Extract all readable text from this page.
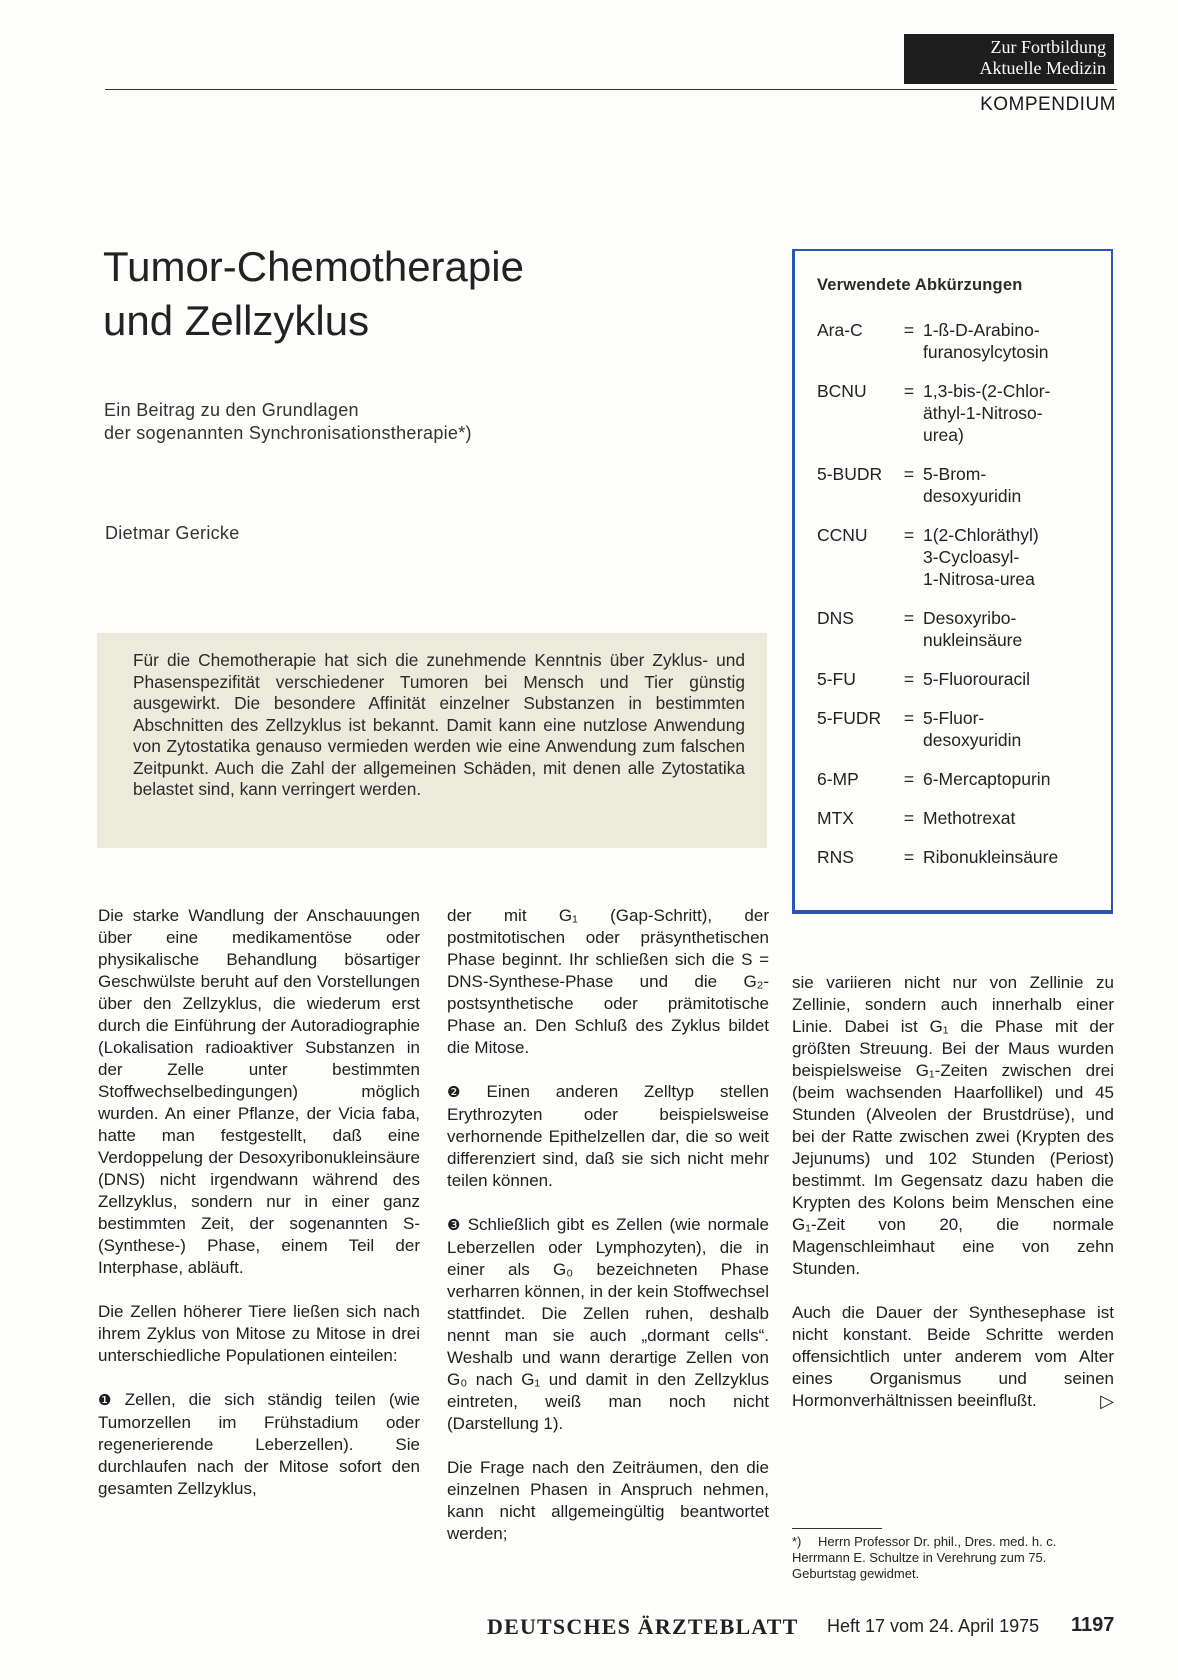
Zur Fortbildung
Aktuelle Medizin
KOMPENDIUM
Tumor-Chemotherapie
und Zellzyklus
Ein Beitrag zu den Grundlagen
der sogenannten Synchronisationstherapie*)
Dietmar Gericke

Für die Chemotherapie hat sich die zunehmende Kenntnis über Zyklus- und Phasenspezifität verschiedener Tumoren bei Mensch und Tier günstig ausgewirkt. Die besondere Affinität einzelner Substanzen in bestimmten Abschnitten des Zellzyklus ist bekannt. Damit kann eine nutzlose Anwendung von Zytostatika genauso vermieden werden wie eine Anwendung zum falschen Zeitpunkt. Auch die Zahl der allgemeinen Schäden, mit denen alle Zytostatika belastet sind, kann verringert werden.

Verwendete Abkürzungen
Ara-C	= 1-ß-D-Arabino-
furanosylcytosin
BCNU	= 1,3-bis-(2-Chlor-
äthyl-1-Nitroso-
urea)
5-BUDR	= 5-Brom-
desoxyuridin
CCNU	= 1(2-Chloräthyl)
3-Cycloasyl-
1-Nitrosa-urea
DNS	= Desoxyribo-
nukleinsäure
5-FU	= 5-Fluorouracil
5-FUDR	= 5-Fluor-
desoxyuridin
6-MP	= 6-Mercaptopurin
MTX	= Methotrexat
RNS	= Ribonukleinsäure

Die starke Wandlung der Anschauungen über eine medikamentöse oder physikalische Behandlung bösartiger Geschwülste beruht auf den Vorstellungen über den Zellzyklus, die wiederum erst durch die Einführung der Autoradiographie (Lokalisation radioaktiver Substanzen in der Zelle unter bestimmten Stoffwechselbedingungen) möglich wurden. An einer Pflanze, der Vicia faba, hatte man festgestellt, daß eine Verdoppelung der Desoxyribonukleinsäure (DNS) nicht irgendwann während des Zellzyklus, sondern nur in einer ganz bestimmten Zeit, der sogenannten S-(Synthese-) Phase, einem Teil der Interphase, abläuft.

Die Zellen höherer Tiere ließen sich nach ihrem Zyklus von Mitose zu Mitose in drei unterschiedliche Populationen einteilen:

❶ Zellen, die sich ständig teilen (wie Tumorzellen im Frühstadium oder regenerierende Leberzellen). Sie durchlaufen nach der Mitose sofort den gesamten Zellzyklus,

der mit G₁ (Gap-Schritt), der postmitotischen oder präsynthetischen Phase beginnt. Ihr schließen sich die S = DNS-Synthese-Phase und die G₂-postsynthetische oder prämitotische Phase an. Den Schluß des Zyklus bildet die Mitose.

❷ Einen anderen Zelltyp stellen Erythrozyten oder beispielsweise verhornende Epithelzellen dar, die so weit differenziert sind, daß sie sich nicht mehr teilen können.

❸ Schließlich gibt es Zellen (wie normale Leberzellen oder Lymphozyten), die in einer als G₀ bezeichneten Phase verharren können, in der kein Stoffwechsel stattfindet. Die Zellen ruhen, deshalb nennt man sie auch „dormant cells“. Weshalb und wann derartige Zellen von G₀ nach G₁ und damit in den Zellzyklus eintreten, weiß man noch nicht (Darstellung 1).

Die Frage nach den Zeiträumen, den die einzelnen Phasen in Anspruch nehmen, kann nicht allgemeingültig beantwortet werden;

sie variieren nicht nur von Zellinie zu Zellinie, sondern auch innerhalb einer Linie. Dabei ist G₁ die Phase mit der größten Streuung. Bei der Maus wurden beispielsweise G₁-Zeiten zwischen drei (beim wachsenden Haarfollikel) und 45 Stunden (Alveolen der Brustdrüse), und bei der Ratte zwischen zwei (Krypten des Jejunums) und 102 Stunden (Periost) bestimmt. Im Gegensatz dazu haben die Krypten des Kolons beim Menschen eine G₁-Zeit von 20, die normale Magenschleimhaut eine von zehn Stunden.

Auch die Dauer der Synthesephase ist nicht konstant. Beide Schritte werden offensichtlich unter anderem vom Alter eines Organismus und seinen Hormonverhältnissen beeinflußt.	▷

*) Herrn Professor Dr. phil., Dres. med. h. c. Herrmann E. Schultze in Verehrung zum 75. Geburtstag gewidmet.
DEUTSCHES ÄRZTEBLATT Heft 17 vom 24. April 1975 1197
